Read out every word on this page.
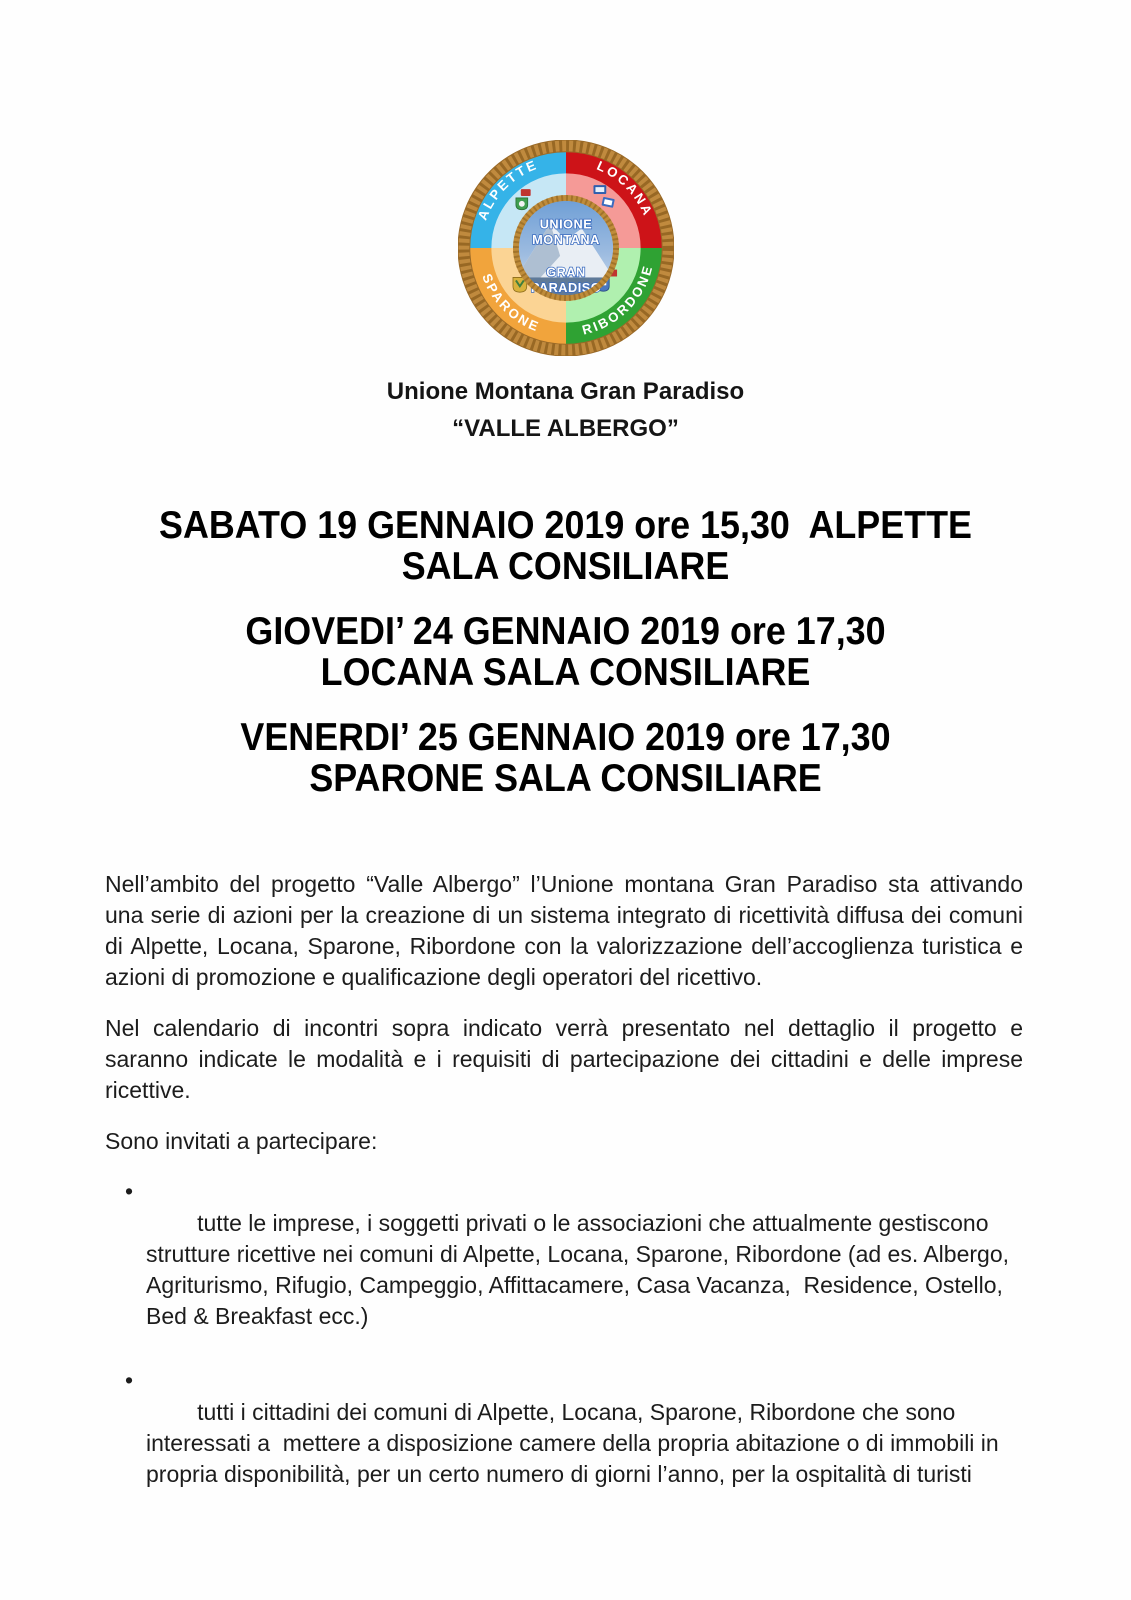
ALPETTE	LOCANA
SPARONE	RIBORDONE
UNIONE
MONTANA
GRAN
PARADISO
Unione Montana Gran Paradiso
“VALLE ALBERGO”
SABATO 19 GENNAIO 2019 ore 15,30  ALPETTE
SALA CONSILIARE
GIOVEDI’ 24 GENNAIO 2019 ore 17,30
LOCANA SALA CONSILIARE
VENERDI’ 25 GENNAIO 2019 ore 17,30
SPARONE SALA CONSILIARE

Nell’ambito del progetto “Valle Albergo” l’Unione montana Gran Paradiso sta attivando una serie di azioni per la creazione di un sistema integrato di ricettività diffusa dei comuni di Alpette, Locana, Sparone, Ribordone con la valorizzazione dell’accoglienza turistica e azioni di promozione e qualificazione degli operatori del ricettivo.

Nel calendario di incontri sopra indicato verrà presentato nel dettaglio il progetto e saranno indicate le modalità e i requisiti di partecipazione dei cittadini e delle imprese ricettive.

Sono invitati a partecipare:

•
tutte le imprese, i soggetti privati o le associazioni che attualmente gestiscono strutture ricettive nei comuni di Alpette, Locana, Sparone, Ribordone (ad es. Albergo, Agriturismo, Rifugio, Campeggio, Affittacamere, Casa Vacanza,  Residence, Ostello, Bed & Breakfast ecc.)

•
tutti i cittadini dei comuni di Alpette, Locana, Sparone, Ribordone che sono interessati a  mettere a disposizione camere della propria abitazione o di immobili in propria disponibilità, per un certo numero di giorni l’anno, per la ospitalità di turisti
